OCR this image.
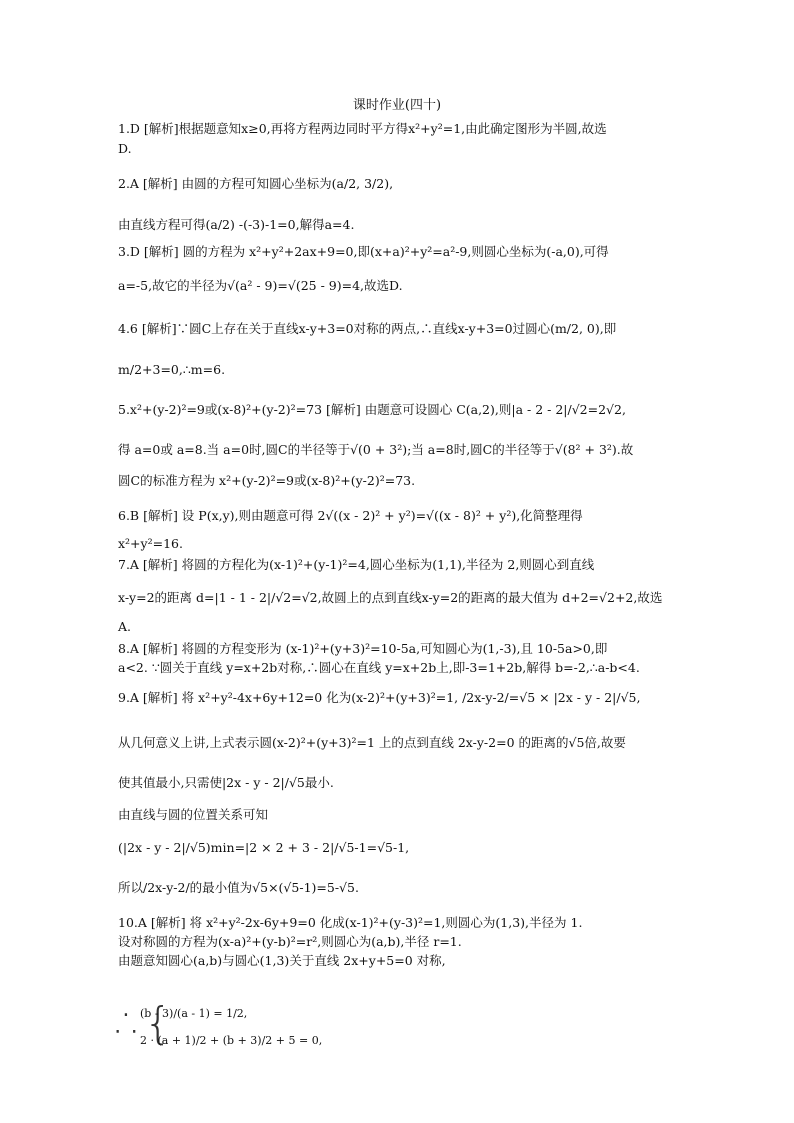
课时作业(四十)
1.D [解析]根据题意知x≥0,再将方程两边同时平方得x²+y²=1,由此确定图形为半圆,故选
D.
2.A [解析] 由圆的方程可知圆心坐标为(a/2, 3/2),
由直线方程可得(a/2) -(-3)-1=0,解得a=4.
3.D [解析] 圆的方程为 x²+y²+2ax+9=0,即(x+a)²+y²=a²-9,则圆心坐标为(-a,0),可得
a=-5,故它的半径为√(a² - 9)=√(25 - 9)=4,故选D.
4.6 [解析]∵圆C上存在关于直线x-y+3=0对称的两点,∴直线x-y+3=0过圆心(m/2, 0),即
m/2+3=0,∴m=6.
5.x²+(y-2)²=9或(x-8)²+(y-2)²=73 [解析] 由题意可设圆心 C(a,2),则|a - 2 - 2|/√2=2√2,
得 a=0或 a=8.当 a=0时,圆C的半径等于√(0 + 3²);当 a=8时,圆C的半径等于√(8² + 3²).故
圆C的标准方程为 x²+(y-2)²=9或(x-8)²+(y-2)²=73.
6.B [解析] 设 P(x,y),则由题意可得 2√((x - 2)² + y²)=√((x - 8)² + y²),化简整理得
x²+y²=16.
7.A [解析] 将圆的方程化为(x-1)²+(y-1)²=4,圆心坐标为(1,1),半径为 2,则圆心到直线
x-y=2的距离 d=|1 - 1 - 2|/√2=√2,故圆上的点到直线x-y=2的距离的最大值为 d+2=√2+2,故选
A.
8.A [解析] 将圆的方程变形为 (x-1)²+(y+3)²=10-5a,可知圆心为(1,-3),且 10-5a>0,即
a<2. ∵圆关于直线 y=x+2b对称,∴圆心在直线 y=x+2b上,即-3=1+2b,解得 b=-2,∴a-b<4.
9.A [解析] 将 x²+y²-4x+6y+12=0 化为(x-2)²+(y+3)²=1, /2x-y-2/=√5 × |2x - y - 2|/√5,
从几何意义上讲,上式表示圆(x-2)²+(y+3)²=1 上的点到直线 2x-y-2=0 的距离的√5倍,故要
使其值最小,只需使|2x - y - 2|/√5最小.
由直线与圆的位置关系可知
(|2x - y - 2|/√5)min=|2 × 2 + 3 - 2|/√5-1=√5-1,
所以/2x-y-2/的最小值为√5×(√5-1)=5-√5.
10.A [解析] 将 x²+y²-2x-6y+9=0 化成(x-1)²+(y-3)²=1,则圆心为(1,3),半径为 1.
设对称圆的方程为(x-a)²+(y-b)²=r²,则圆心为(a,b),半径 r=1.
由题意知圆心(a,b)与圆心(1,3)关于直线 2x+y+5=0 对称,
∴{
(b - 3)/(a - 1) = 1/2,
2 · (a + 1)/2 + (b + 3)/2 + 5 = 0,
